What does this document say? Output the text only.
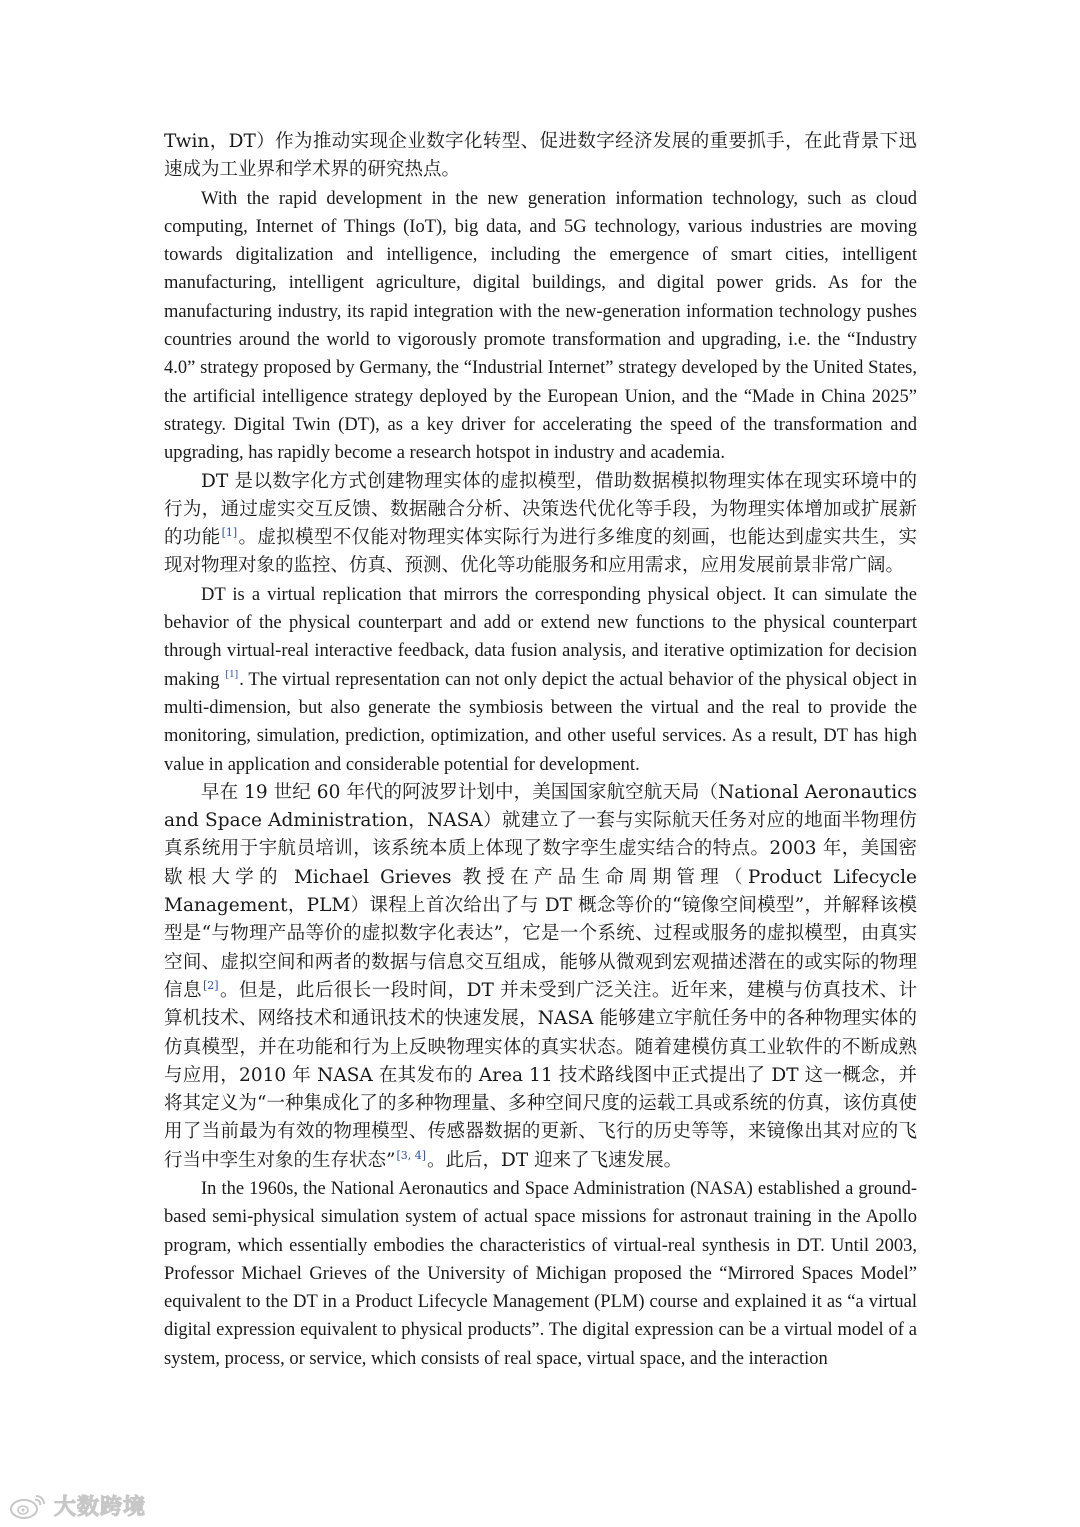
Twin，DT）作为推动实现企业数字化转型、促进数字经济发展的重要抓手，在此背景下迅速成为工业界和学术界的研究热点。

With the rapid development in the new generation information technology, such as cloud computing, Internet of Things (IoT), big data, and 5G technology, various industries are moving towards digitalization and intelligence, including the emergence of smart cities, intelligent manufacturing, intelligent agriculture, digital buildings, and digital power grids. As for the manufacturing industry, its rapid integration with the new-generation information technology pushes countries around the world to vigorously promote transformation and upgrading, i.e. the “Industry 4.0” strategy proposed by Germany, the “Industrial Internet” strategy developed by the United States, the artificial intelligence strategy deployed by the European Union, and the “Made in China 2025” strategy. Digital Twin (DT), as a key driver for accelerating the speed of the transformation and upgrading, has rapidly become a research hotspot in industry and academia.

DT 是以数字化方式创建物理实体的虚拟模型，借助数据模拟物理实体在现实环境中的行为，通过虚实交互反馈、数据融合分析、决策迭代优化等手段，为物理实体增加或扩展新的功能[1]。虚拟模型不仅能对物理实体实际行为进行多维度的刻画，也能达到虚实共生，实现对物理对象的监控、仿真、预测、优化等功能服务和应用需求，应用发展前景非常广阔。

DT is a virtual replication that mirrors the corresponding physical object. It can simulate the behavior of the physical counterpart and add or extend new functions to the physical counterpart through virtual-real interactive feedback, data fusion analysis, and iterative optimization for decision making [1]. The virtual representation can not only depict the actual behavior of the physical object in multi-dimension, but also generate the symbiosis between the virtual and the real to provide the monitoring, simulation, prediction, optimization, and other useful services. As a result, DT has high value in application and considerable potential for development.

早在 19 世纪 60 年代的阿波罗计划中，美国国家航空航天局（National Aeronautics and Space Administration，NASA）就建立了一套与实际航天任务对应的地面半物理仿真系统用于宇航员培训，该系统本质上体现了数字孪生虚实结合的特点。2003 年，美国密歇根大学的 Michael Grieves 教授在产品生命周期管理（Product Lifecycle Management，PLM）课程上首次给出了与 DT 概念等价的“镜像空间模型”，并解释该模型是“与物理产品等价的虚拟数字化表达”，它是一个系统、过程或服务的虚拟模型，由真实空间、虚拟空间和两者的数据与信息交互组成，能够从微观到宏观描述潜在的或实际的物理信息[2]。但是，此后很长一段时间，DT 并未受到广泛关注。近年来，建模与仿真技术、计算机技术、网络技术和通讯技术的快速发展，NASA 能够建立宇航任务中的各种物理实体的仿真模型，并在功能和行为上反映物理实体的真实状态。随着建模仿真工业软件的不断成熟与应用，2010 年 NASA 在其发布的 Area 11 技术路线图中正式提出了 DT 这一概念，并将其定义为“一种集成化了的多种物理量、多种空间尺度的运载工具或系统的仿真，该仿真使用了当前最为有效的物理模型、传感器数据的更新、飞行的历史等等，来镜像出其对应的飞行当中孪生对象的生存状态”[3, 4]。此后，DT 迎来了飞速发展。

In the 1960s, the National Aeronautics and Space Administration (NASA) established a ground-based semi-physical simulation system of actual space missions for astronaut training in the Apollo program, which essentially embodies the characteristics of virtual-real synthesis in DT. Until 2003, Professor Michael Grieves of the University of Michigan proposed the “Mirrored Spaces Model” equivalent to the DT in a Product Lifecycle Management (PLM) course and explained it as “a virtual digital expression equivalent to physical products”. The digital expression can be a virtual model of a system, process, or service, which consists of real space, virtual space, and the interaction

大数跨境
